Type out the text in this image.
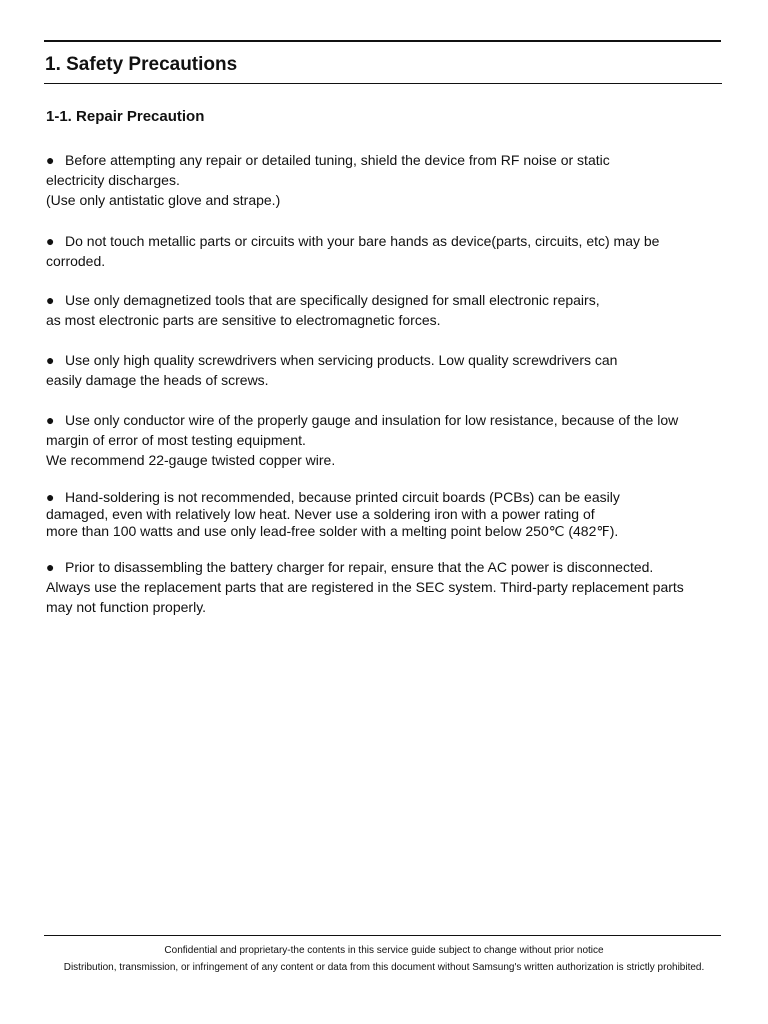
1. Safety Precautions
1-1. Repair Precaution
● Before attempting any repair or detailed tuning, shield the device from RF noise or static
electricity discharges.
(Use only antistatic glove and strape.)
● Do not touch metallic parts or circuits with your bare hands as device(parts, circuits, etc) may be
corroded.
● Use only demagnetized tools that are specifically designed for small electronic repairs,
as most electronic parts are sensitive to electromagnetic forces.
● Use only high quality screwdrivers when servicing products. Low quality screwdrivers can
easily damage the heads of screws.
● Use only conductor wire of the properly gauge and insulation for low resistance, because of the low
margin of error of most testing equipment.
We recommend 22-gauge twisted copper wire.
● Hand-soldering is not recommended, because printed circuit boards (PCBs) can be easily
damaged, even with relatively low heat. Never use a soldering iron with a power rating of
more than 100 watts and use only lead-free solder with a melting point below 250℃ (482℉).
● Prior to disassembling the battery charger for repair, ensure that the AC power is disconnected.
Always use the replacement parts that are registered in the SEC system. Third-party replacement parts
may not function properly.
Confidential and proprietary-the contents in this service guide subject to change without prior notice
Distribution, transmission, or infringement of any content or data from this document without Samsung's written authorization is strictly prohibited.
